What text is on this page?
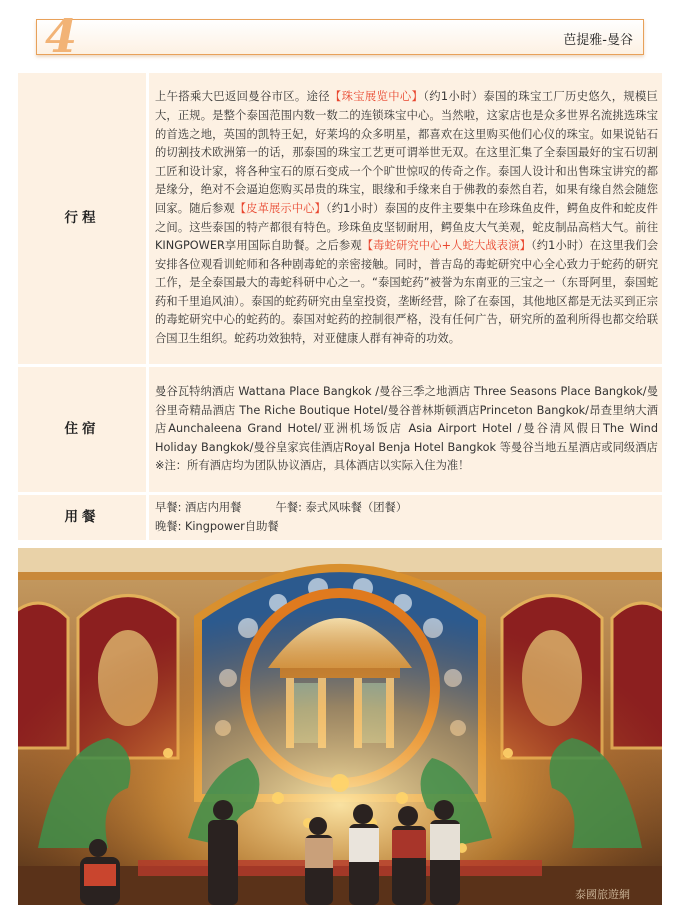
4	芭提雅-曼谷
行程	上午搭乘大巴返回曼谷市区。途径【珠宝展览中心】（约1小时）泰国的珠宝工厂历史悠久，规模巨大，正规。是整个泰国范围内数一数二的连锁珠宝中心。当然啦，这家店也是众多世界名流挑选珠宝的首选之地，英国的凯特王妃，好莱坞的众多明星，都喜欢在这里购买他们心仪的珠宝。如果说钻石的切割技术欧洲第一的话，那泰国的珠宝工艺更可谓举世无双。在这里汇集了全泰国最好的宝石切割工匠和设计家，将各种宝石的原石变成一个个旷世惊叹的传奇之作。泰国人设计和出售珠宝讲究的都是缘分，绝对不会逼迫您购买昂贵的珠宝，眼缘和手缘来自于佛教的泰然自若，如果有缘自然会随您回家。随后参观【皮革展示中心】（约1小时）泰国的皮件主要集中在珍珠鱼皮件，鳄鱼皮件和蛇皮件之间。这些泰国的特产都很有特色。珍珠鱼皮坚韧耐用，鳄鱼皮大气美观，蛇皮制品高档大气。前往KINGPOWER享用国际自助餐。之后参观【毒蛇研究中心+人蛇大战表演】（约1小时）在这里我们会安排各位观看训蛇师和各种剧毒蛇的亲密接触。同时，普吉岛的毒蛇研究中心全心致力于蛇药的研究工作，是全泰国最大的毒蛇科研中心之一。“泰国蛇药”被誉为东南亚的三宝之一（东哥阿里，泰国蛇药和千里追风油）。泰国的蛇药研究由皇室投资，垄断经营，除了在泰国，其他地区都是无法买到正宗的毒蛇研究中心的蛇药的。泰国对蛇药的控制很严格，没有任何广告，研究所的盈利所得也都交给联合国卫生组织。蛇药功效独特，对亚健康人群有神奇的功效。
住宿	曼谷瓦特纳酒店 Wattana Place Bangkok /曼谷三季之地酒店 Three Seasons Place Bangkok/曼谷里奇精品酒店 The Riche Boutique Hotel/曼谷普林斯顿酒店Princeton Bangkok/昂查里纳大酒店Aunchaleena Grand Hotel/亚洲机场饭店 Asia Airport Hotel /曼谷清风假日The Wind Holiday Bangkok/曼谷皇家宾佳酒店Royal Benja Hotel Bangkok 等曼谷当地五星酒店或同级酒店
※注：所有酒店均为团队协议酒店，具体酒店以实际入住为准！

用餐	早餐: 酒店内用餐 午餐: 泰式风味餐（团餐）
晚餐: Kingpower自助餐
泰國旅遊網
